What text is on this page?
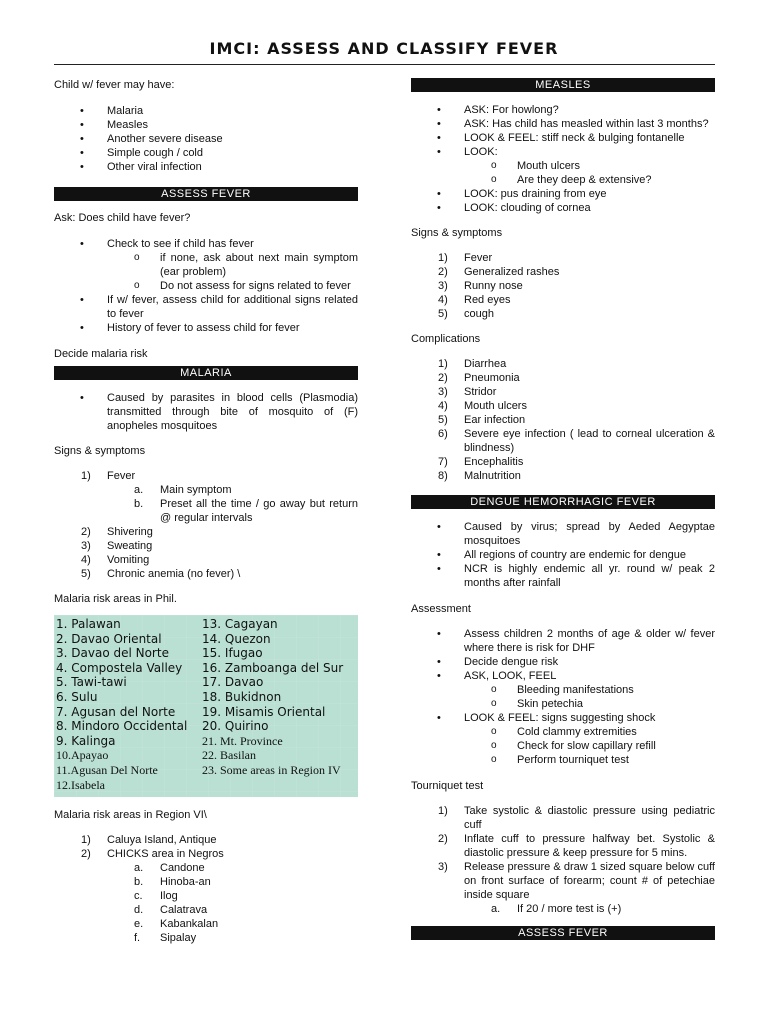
IMCI: ASSESS AND CLASSIFY FEVER

Child w/ fever may have:

• Malaria
• Measles
• Another severe disease
• Simple cough / cold
• Other viral infection
ASSESS FEVER

Ask: Does child have fever?

• Check to see if child has fever
o if none, ask about next main symptom (ear problem)
o Do not assess for signs related to fever
• If w/ fever, assess child for additional signs related to fever
• History of fever to assess child for fever

Decide malaria risk

MALARIA
• Caused by parasites in blood cells (Plasmodia) transmitted through bite of mosquito of (F) anopheles mosquitoes

Signs & symptoms

1) Fever
a. Main symptom
b. Preset all the time / go away but return @ regular intervals
2) Shivering
3) Sweating
4) Vomiting
5) Chronic anemia (no fever) \

Malaria risk areas in Phil.

1. Palawan
2. Davao Oriental
3. Davao del Norte
4. Compostela Valley
5. Tawi-tawi
6. Sulu
7. Agusan del Norte
8. Mindoro Occidental
9. Kalinga
10.Apayao
11.Agusan Del Norte
12.Isabela
13. Cagayan
14. Quezon
15. Ifugao
16. Zamboanga del Sur
17. Davao
18. Bukidnon
19. Misamis Oriental
20. Quirino
21. Mt. Province
22. Basilan
23. Some areas in Region IV

Malaria risk areas in Region VI\

1) Caluya Island, Antique
2) CHICKS area in Negros
a. Candone
b. Hinoba-an
c. Ilog
d. Calatrava
e. Kabankalan
f. Sipalay
MEASLES
• ASK: For howlong?
• ASK: Has child has measled within last 3 months?
• LOOK & FEEL: stiff neck & bulging fontanelle
• LOOK:
o Mouth ulcers
o Are they deep & extensive?
• LOOK: pus draining from eye
• LOOK: clouding of cornea

Signs & symptoms

1) Fever
2) Generalized rashes
3) Runny nose
4) Red eyes
5) cough

Complications

1) Diarrhea
2) Pneumonia
3) Stridor
4) Mouth ulcers
5) Ear infection
6) Severe eye infection ( lead to corneal ulceration & blindness)
7) Encephalitis
8) Malnutrition
DENGUE HEMORRHAGIC FEVER
• Caused by virus; spread by Aeded Aegyptae mosquitoes
• All regions of country are endemic for dengue
• NCR is highly endemic all yr. round w/ peak 2 months after rainfall

Assessment

• Assess children 2 months of age & older w/ fever where there is risk for DHF
• Decide dengue risk
• ASK, LOOK, FEEL
o Bleeding manifestations
o Skin petechia
• LOOK & FEEL: signs suggesting shock
o Cold clammy extremities
o Check for slow capillary refill
o Perform tourniquet test

Tourniquet test

1) Take systolic & diastolic pressure using pediatric cuff
2) Inflate cuff to pressure halfway bet. Systolic & diastolic pressure & keep pressure for 5 mins.
3) Release pressure & draw 1 sized square below cuff on front surface of forearm; count # of petechiae inside square
a. If 20 / more test is (+)
ASSESS FEVER
